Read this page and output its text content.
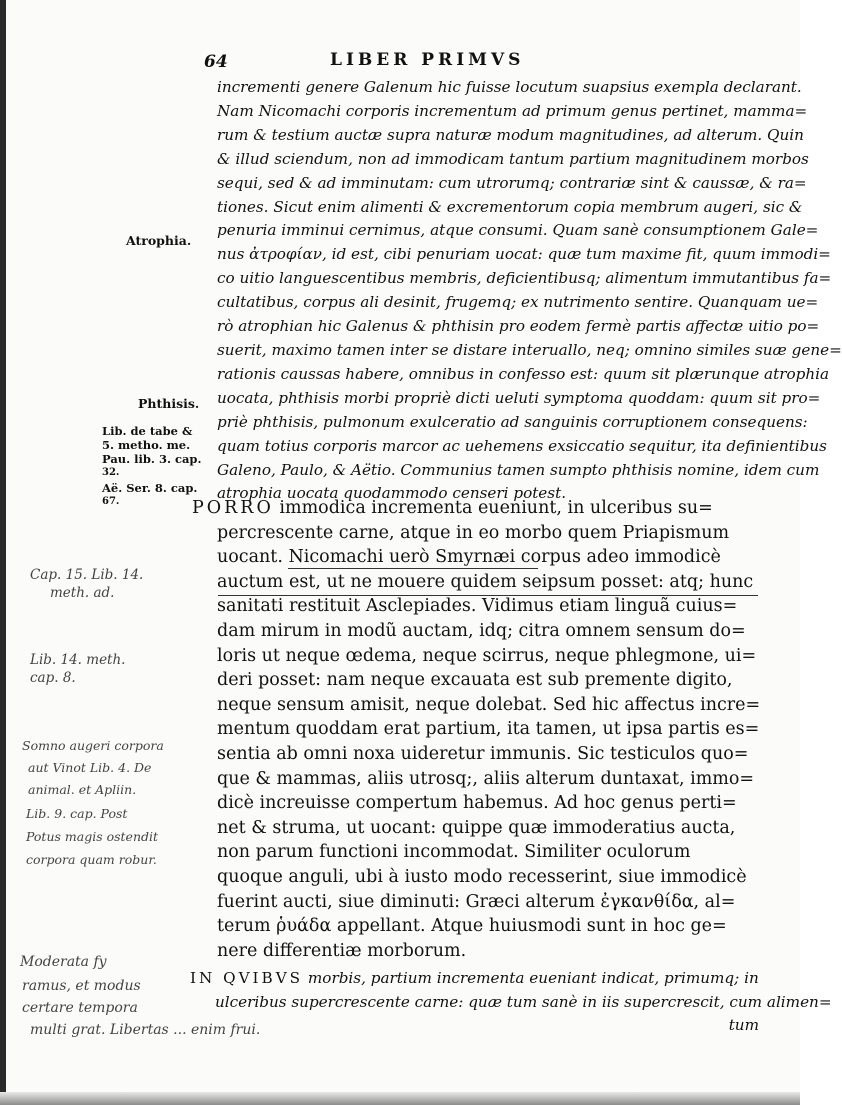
64	LIBER PRIMVS

incrementi genere Galenum hic fuisse locutum suapsius exempla declarant.

Nam Nicomachi corporis incrementum ad primum genus pertinet, mamma=

rum & testium auctæ supra naturæ modum magnitudines, ad alterum. Quin

& illud sciendum, non ad immodicam tantum partium magnitudinem morbos

sequi, sed & ad imminutam: cum utrorumq; contrariæ sint & caussæ, & ra=

tiones. Sicut enim alimenti & excrementorum copia membrum augeri, sic &

penuria imminui cernimus, atque consumi. Quam sanè consumptionem Gale=

nus ἀτροφίαν, id est, cibi penuriam uocat: quæ tum maxime fit, quum immodi=

co uitio languescentibus membris, deficientibusq; alimentum immutantibus fa=

cultatibus, corpus ali desinit, frugemq; ex nutrimento sentire. Quanquam ue=

rò atrophian hic Galenus & phthisin pro eodem fermè partis affectæ uitio po=

suerit, maximo tamen inter se distare interuallo, neq; omnino similes suæ gene=

rationis caussas habere, omnibus in confesso est: quum sit plærunque atrophia

uocata, phthisis morbi propriè dicti ueluti symptoma quoddam: quum sit pro=

priè phthisis, pulmonum exulceratio ad sanguinis corruptionem consequens:

quam totius corporis marcor ac uehemens exsiccatio sequitur, ita definientibus

Galeno, Paulo, & Aëtio. Communius tamen sumpto phthisis nomine, idem cum

atrophia uocata quodammodo censeri potest.

PORRO immodica incrementa eueniunt, in ulceribus su=

percrescente carne, atque in eo morbo quem Priapismum

uocant. Nicomachi uerò Smyrnæi corpus adeo immodicè

auctum est, ut ne mouere quidem seipsum posset: atq; hunc

sanitati restituit Asclepiades. Vidimus etiam linguã cuius=

dam mirum in modũ auctam, idq; citra omnem sensum do=

loris ut neque œdema, neque scirrus, neque phlegmone, ui=

deri posset: nam neque excauata est sub premente digito,

neque sensum amisit, neque dolebat. Sed hic affectus incre=

mentum quoddam erat partium, ita tamen, ut ipsa partis es=

sentia ab omni noxa uideretur immunis. Sic testiculos quo=

que & mammas, aliis utrosq;, aliis alterum duntaxat, immo=

dicè increuisse compertum habemus. Ad hoc genus perti=

net & struma, ut uocant: quippe quæ immoderatius aucta,

non parum functioni incommodat. Similiter oculorum

quoque anguli, ubi à iusto modo recesserint, siue immodicè

fuerint aucti, siue diminuti: Græci alterum ἐγκανθίδα, al=

terum ῥυάδα appellant. Atque huiusmodi sunt in hoc ge=

nere differentiæ morborum.

IN QVIBVS morbis, partium incrementa eueniant indicat, primumq; in

ulceribus supercrescente carne: quæ tum sanè in iis supercrescit, cum alimen=

tum

Atrophia.
Phthisis.
Lib. de tabe &
5. metho. me.
Pau. lib. 3. cap.
32.
Aë. Ser. 8. cap.
67.
Cap. 15. Lib. 14.
meth. ad.
Lib. 14. meth.
cap. 8.
Somno augeri corpora
aut Vinot Lib. 4. De
animal. et Apliin.
Lib. 9. cap. Post
Potus magis ostendit
corpora quam robur.
Moderata fy
ramus, et modus
certare tempora
multi grat. Libertas ... enim frui.
